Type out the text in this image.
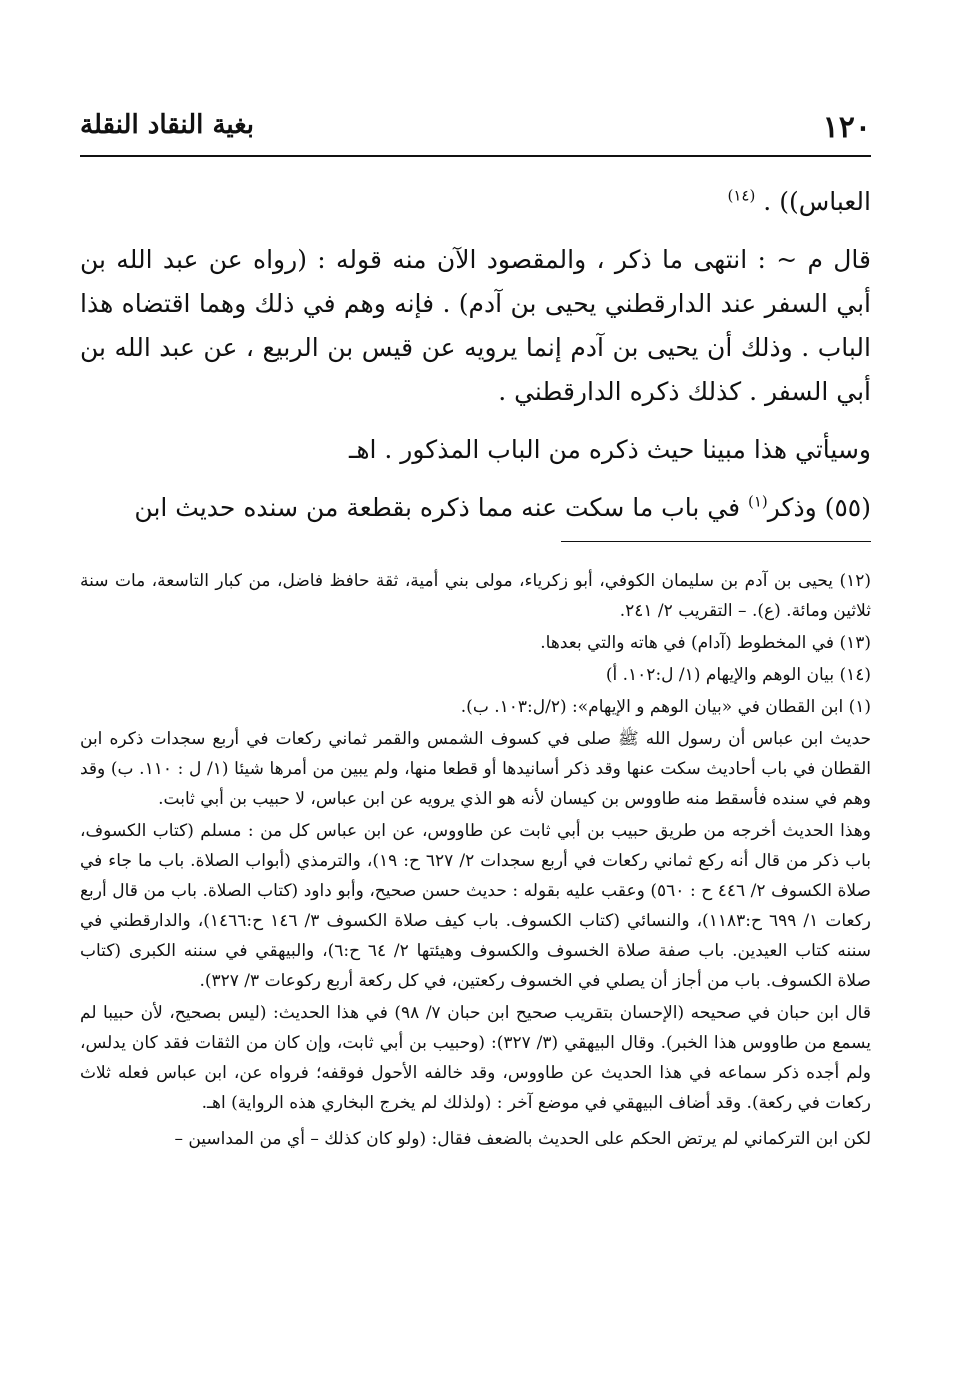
١٢٠
بغية النقاد النقلة

العباس)) . $^{(١٤)}$

قال م ~ : انتهى ما ذكر ، والمقصود الآن منه قوله : (رواه عن عبد الله بن أبي السفر عند الدارقطني يحيى بن آدم) . فإنه وهم في ذلك وهما اقتضاه هذا الباب . وذلك أن يحيى بن آدم إنما يرويه عن قيس بن الربيع ، عن عبد الله بن أبي السفر . كذلك ذكره الدارقطني .

وسيأتي هذا مبينا حيث ذكره من الباب المذكور . اهـ

(٥٥) وذكر$^{(١)}$ في باب ما سكت عنه مما ذكره بقطعة من سنده حديث ابن

(١٢) يحيى بن آدم بن سليمان الكوفي، أبو زكرياء، مولى بني أمية، ثقة حافظ فاضل، من كبار التاسعة، مات سنة ثلاثين ومائة. (ع). – التقريب ٢/ ٢٤١.

(١٣) في المخطوط (آدام) في هاته والتي بعدها.

(١٤) بيان الوهم والإيهام (١/ ل:١٠٢. أ)

(١) ابن القطان في «بيان الوهم و الإيهام»: (٢/ل:١٠٣. ب).

حديث ابن عباس أن رسول الله ﷺ صلى في كسوف الشمس والقمر ثماني ركعات في أربع سجدات ذكره ابن القطان في باب أحاديث سكت عنها وقد ذكر أسانيدها أو قطعا منها، ولم يبين من أمرها شيئا (١/ ل : ١١٠. ب) وقد وهم في سنده فأسقط منه طاووس بن كيسان لأنه هو الذي يرويه عن ابن عباس، لا حبيب بن أبي ثابت.

وهذا الحديث أخرجه من طريق حبيب بن أبي ثابت عن طاووس، عن ابن عباس كل من : مسلم (كتاب الكسوف، باب ذكر من قال أنه ركع ثماني ركعات في أربع سجدات ٢/ ٦٢٧ ح: ١٩)، والترمذي (أبواب الصلاة. باب ما جاء في صلاة الكسوف ٢/ ٤٤٦ ح : ٥٦٠) وعقب عليه بقوله : حديث حسن صحيح، وأبو داود (كتاب الصلاة. باب من قال أربع ركعات ١/ ٦٩٩ ح:١١٨٣)، والنسائي (كتاب الكسوف. باب كيف صلاة الكسوف ٣/ ١٤٦ ح:١٤٦٦)، والدارقطني في سننه كتاب العيدين. باب صفة صلاة الخسوف والكسوف وهيئتها ٢/ ٦٤ ح:٦)، والبيهقي في سننه الكبرى (كتاب صلاة الكسوف. باب من أجاز أن يصلي في الخسوف ركعتين، في كل ركعة أربع ركوعات ٣/ ٣٢٧).

قال ابن حبان في صحيحه (الإحسان بتقريب صحيح ابن حبان ٧/ ٩٨) في هذا الحديث: (ليس بصحيح، لأن حبيبا لم يسمع من طاووس هذا الخبر). وقال البيهقي (٣/ ٣٢٧): (وحبيب بن أبي ثابت، وإن كان من الثقات فقد كان يدلس، ولم أجده ذكر سماعه في هذا الحديث عن طاووس، وقد خالفه الأحول فوقفه؛ فرواه عن، ابن عباس فعله ثلاث ركعات في ركعة). وقد أضاف البيهقي في موضع آخر : (ولذلك لم يخرج البخاري هذه الرواية) اهـ.

لكن ابن التركماني لم يرتض الحكم على الحديث بالضعف فقال: (ولو كان كذلك – أي من المداسين –
